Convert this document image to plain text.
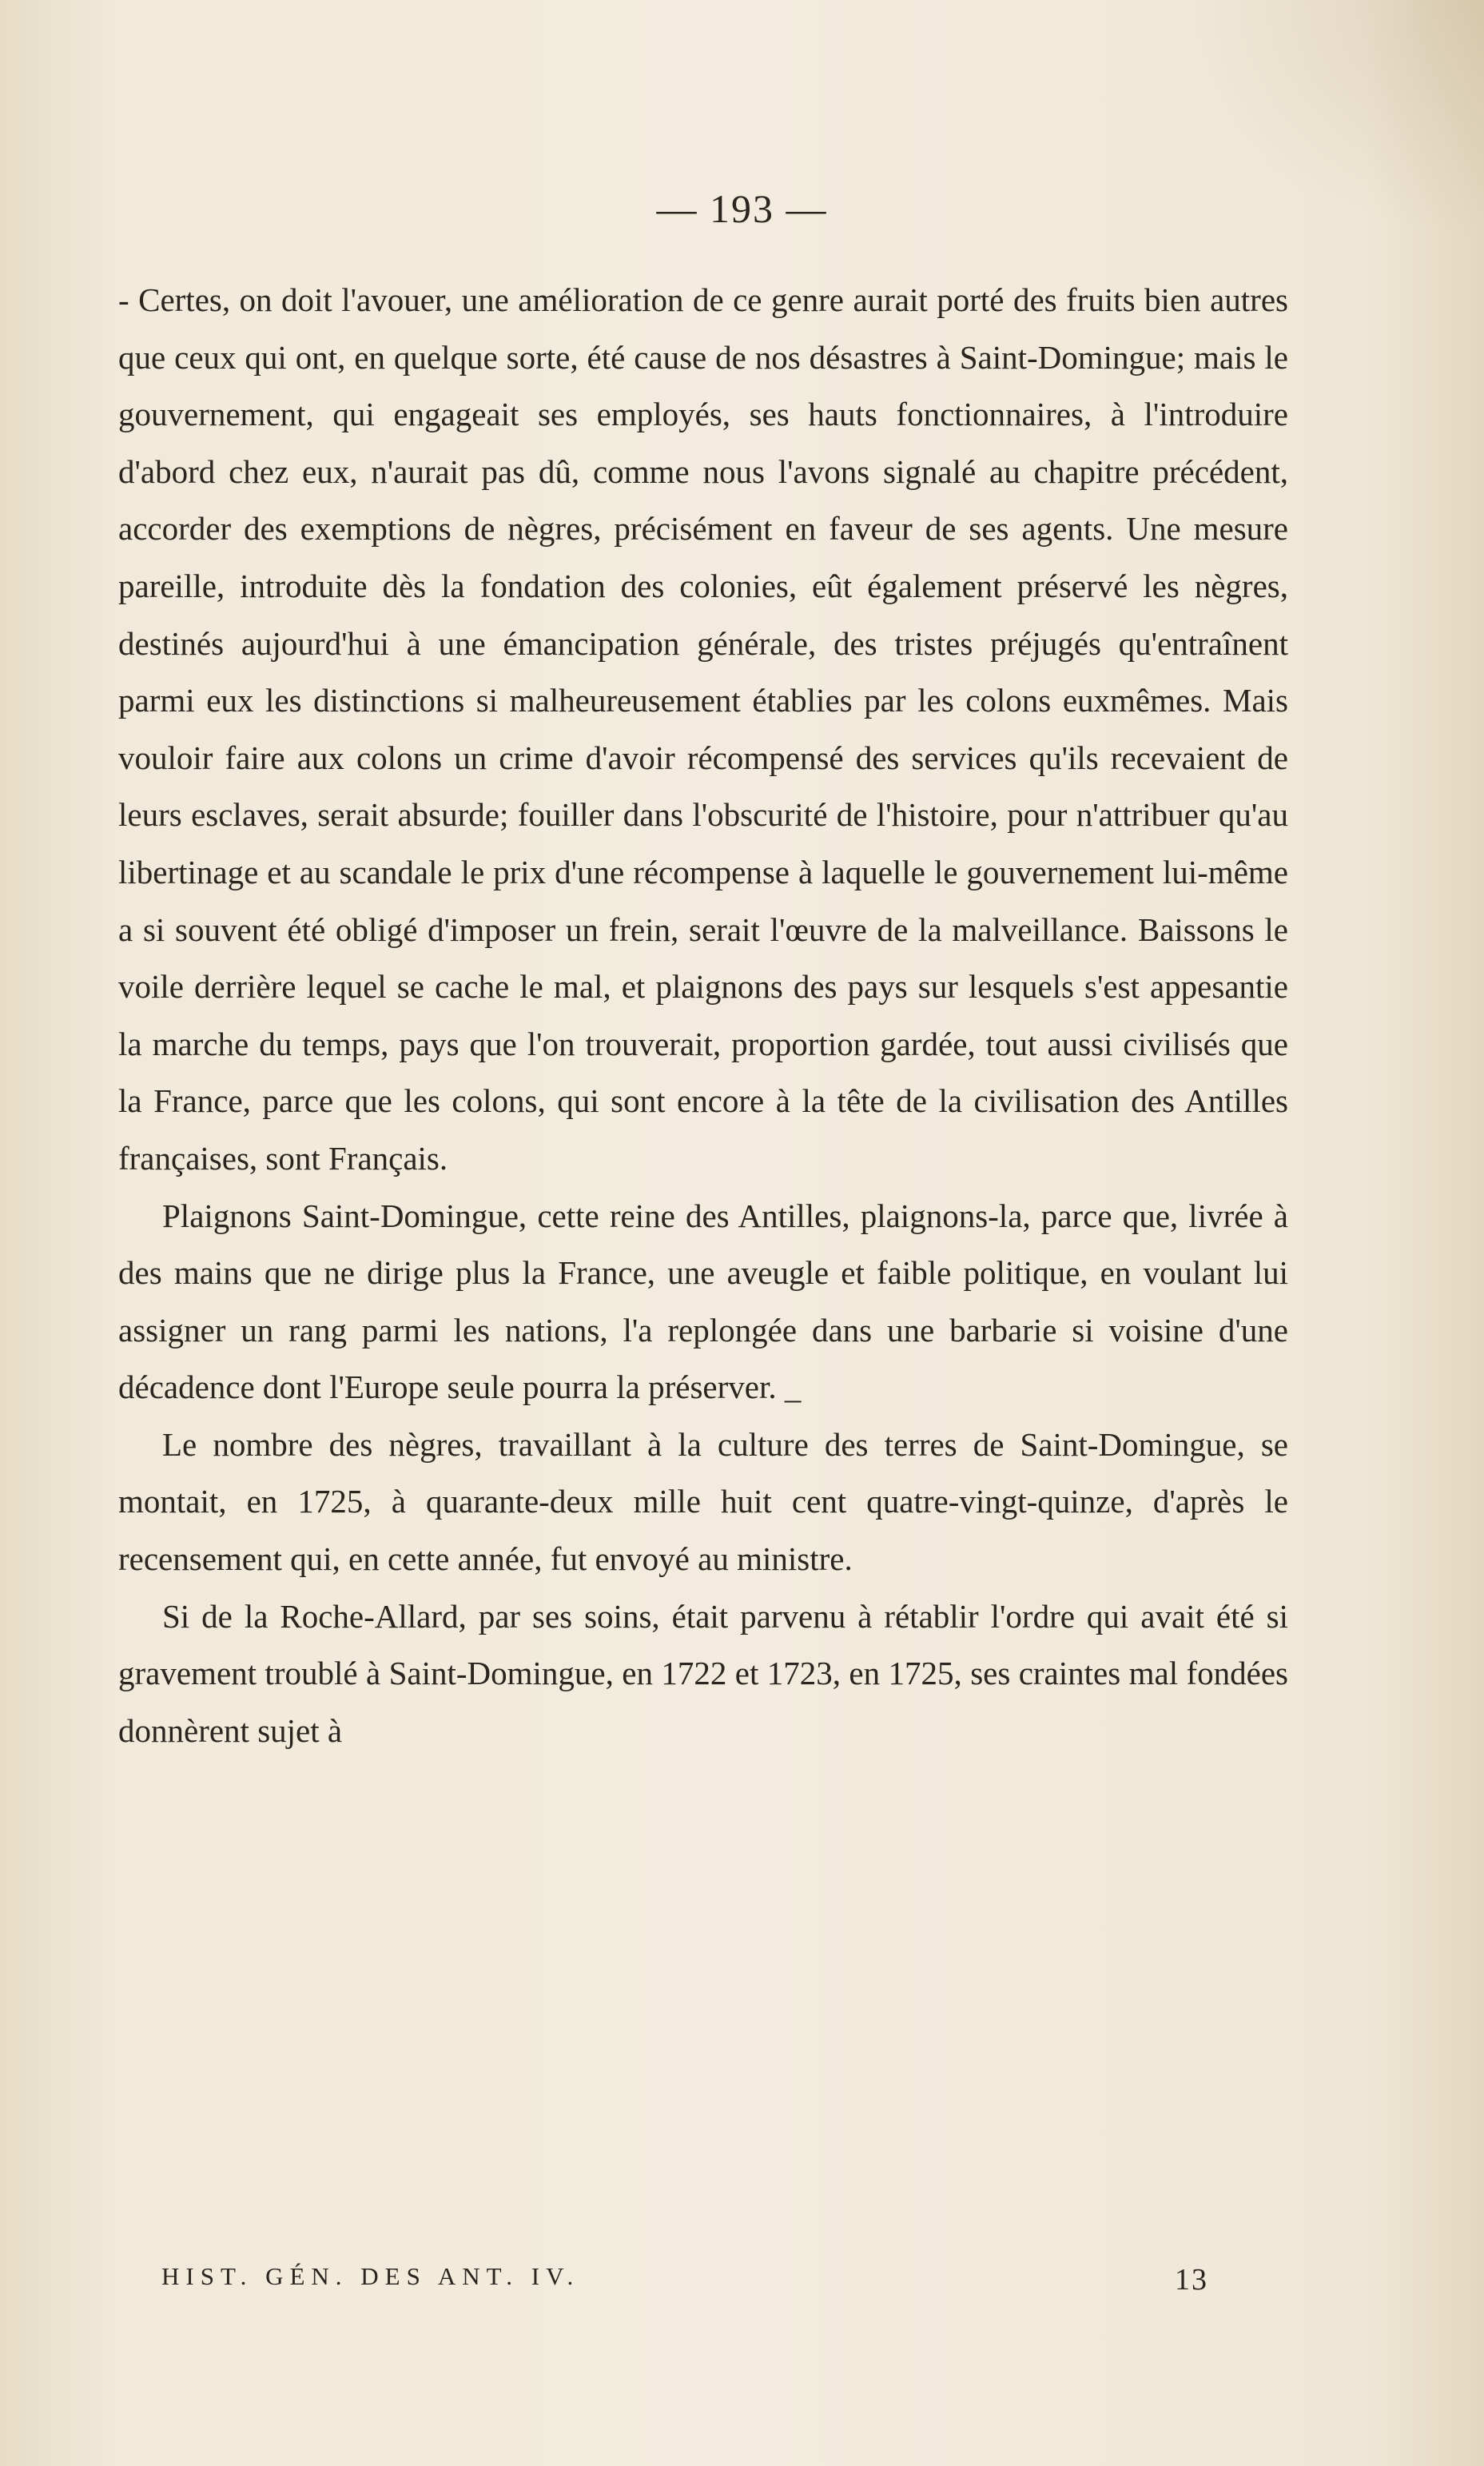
— 193 —

- Certes, on doit l'avouer, une amélioration de ce genre aurait porté des fruits bien autres que ceux qui ont, en quelque sorte, été cause de nos désastres à Saint-Domingue; mais le gouvernement, qui engageait ses employés, ses hauts fonctionnaires, à l'introduire d'abord chez eux, n'aurait pas dû, comme nous l'avons signalé au chapitre précédent, accorder des exemptions de nègres, précisément en faveur de ses agents. Une mesure pareille, introduite dès la fondation des colonies, eût également préservé les nègres, destinés aujourd'hui à une émancipation générale, des tristes préjugés qu'entraînent parmi eux les distinctions si malheureusement établies par les colons euxmêmes. Mais vouloir faire aux colons un crime d'avoir récompensé des services qu'ils recevaient de leurs esclaves, serait absurde; fouiller dans l'obscurité de l'histoire, pour n'attribuer qu'au libertinage et au scandale le prix d'une récompense à laquelle le gouvernement lui-même a si souvent été obligé d'imposer un frein, serait l'œuvre de la malveillance. Baissons le voile derrière lequel se cache le mal, et plaignons des pays sur lesquels s'est appesantie la marche du temps, pays que l'on trouverait, proportion gardée, tout aussi civilisés que la France, parce que les colons, qui sont encore à la tête de la civilisation des Antilles françaises, sont Français.

Plaignons Saint-Domingue, cette reine des Antilles, plaignons-la, parce que, livrée à des mains que ne dirige plus la France, une aveugle et faible politique, en voulant lui assigner un rang parmi les nations, l'a replongée dans une barbarie si voisine d'une décadence dont l'Europe seule pourra la préserver. _

Le nombre des nègres, travaillant à la culture des terres de Saint-Domingue, se montait, en 1725, à quarante-deux mille huit cent quatre-vingt-quinze, d'après le recensement qui, en cette année, fut envoyé au ministre.

Si de la Roche-Allard, par ses soins, était parvenu à rétablir l'ordre qui avait été si gravement troublé à Saint-Domingue, en 1722 et 1723, en 1725, ses craintes mal fondées donnèrent sujet à

HIST. GÉN. DES ANT. IV.	13
